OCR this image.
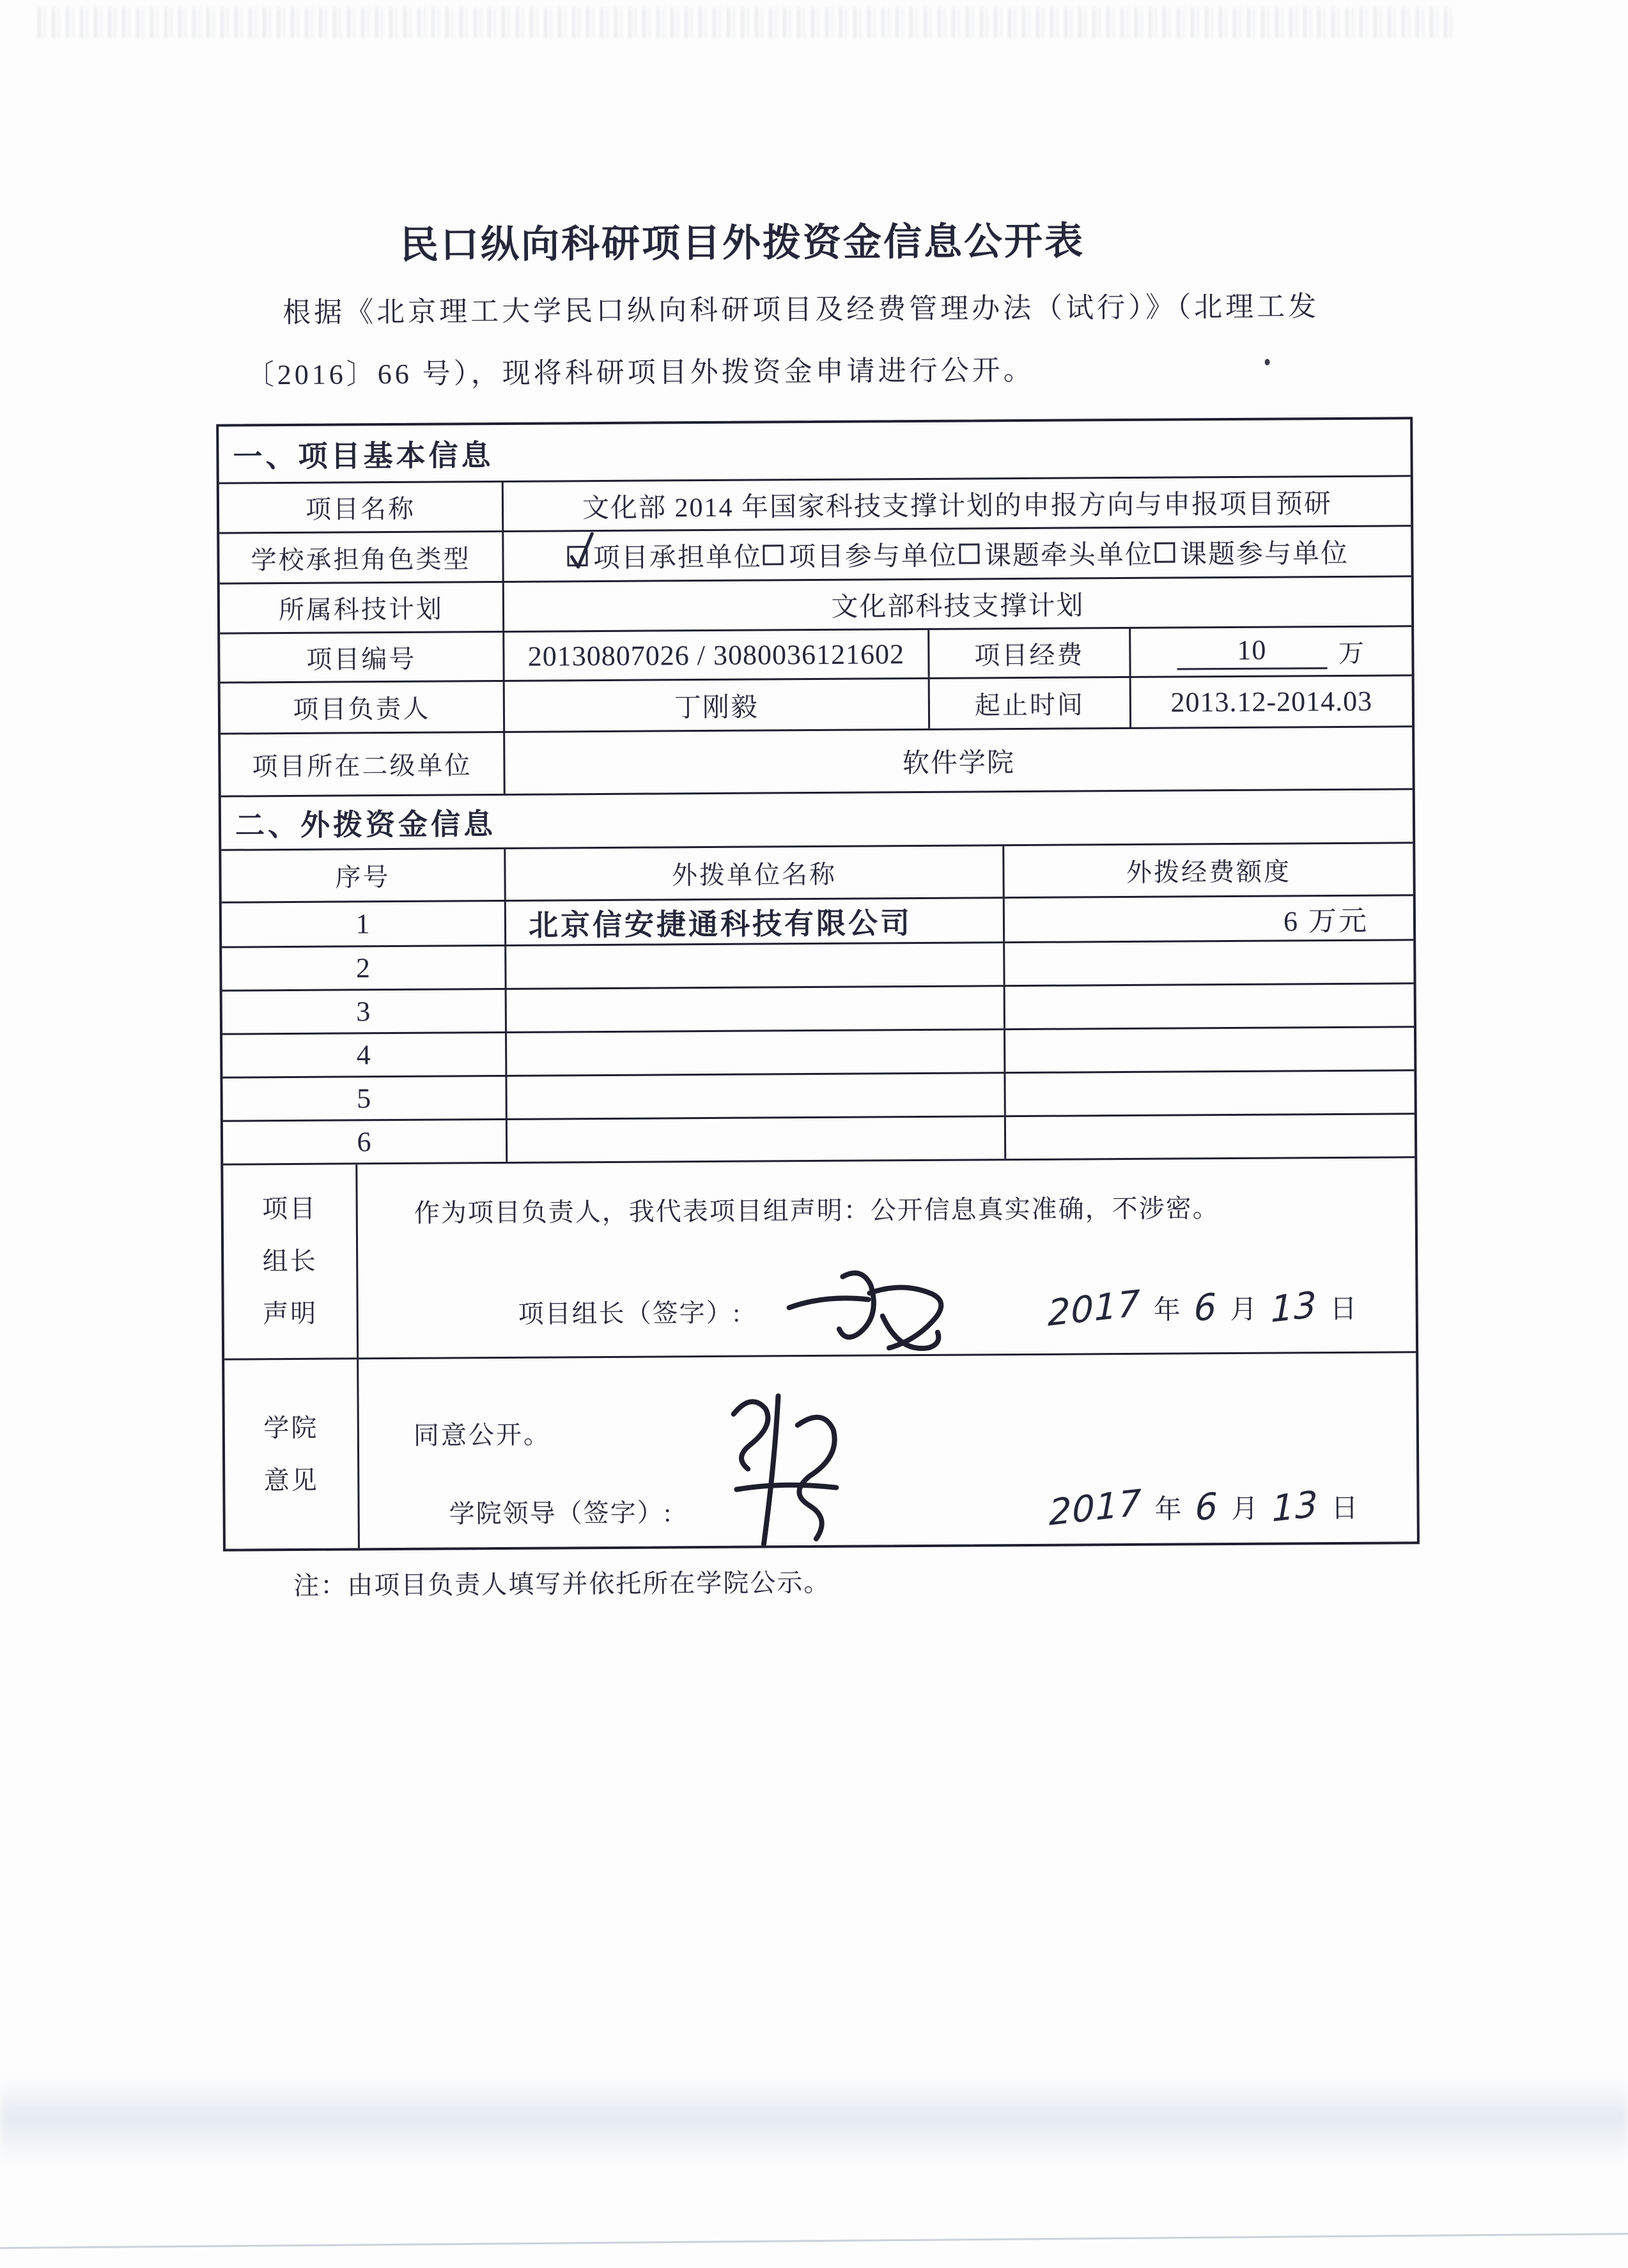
民口纵向科研项目外拨资金信息公开表
根据《北京理工大学民口纵向科研项目及经费管理办法（试行）》（北理工发
〔2016〕66 号），现将科研项目外拨资金申请进行公开。
一、项目基本信息
项目名称	文化部 2014 年国家科技支撑计划的申报方向与申报项目预研
学校承担角色类型	项目承担单位 项目参与单位 课题牵头单位 课题参与单位
所属科技计划	文化部科技支撑计划
项目编号	20130807026 / 3080036121602	项目经费	10	万
项目负责人	丁刚毅	起止时间	2013.12-2014.03
项目所在二级单位	软件学院
二、外拨资金信息
序号	外拨单位名称	外拨经费额度
1	北京信安捷通科技有限公司	6 万元
2
3
4
5
6
项目
组长
声明
作为项目负责人，我代表项目组声明：公开信息真实准确，不涉密。
项目组长（签字）:	2017 年 6 月 13 日
学院
意见
同意公开。
学院领导（签字）:	2017 年 6 月 13 日
注：由项目负责人填写并依托所在学院公示。
